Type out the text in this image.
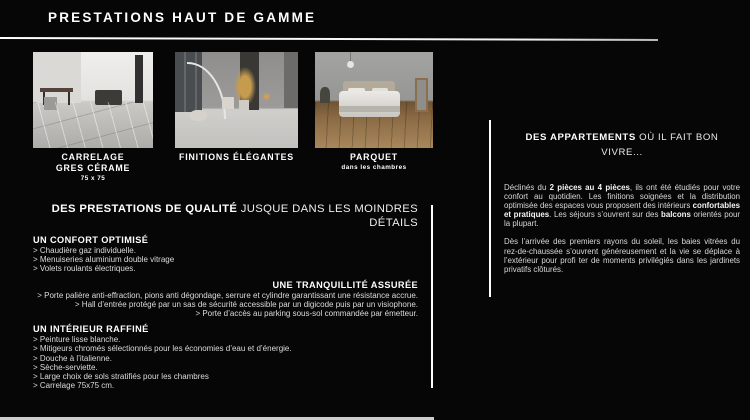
PRESTATIONS HAUT DE GAMME
CARRELAGE
GRES CÉRAME
75 x 75
FINITIONS ÉLÉGANTES	PARQUET
dans les chambres
DES PRESTATIONS DE QUALITÉ JUSQUE DANS LES MOINDRES DÉTAILS
UN CONFORT OPTIMISÉ

> Chaudière gaz individuelle.

> Menuiseries aluminium double vitrage

> Volets roulants électriques.

UNE TRANQUILLITÉ ASSURÉE

> Porte palière anti-effraction, pions anti dégondage, serrure et cylindre garantissant une résistance accrue.

> Hall d’entrée protégé par un sas de sécurité accessible par un digicode puis par un visiophone.

> Porte d’accès au parking sous-sol commandée par émetteur.

UN INTÉRIEUR RAFFINÉ

> Peinture lisse blanche.

> Mitigeurs chromés sélectionnés pour les économies d’eau et d’énergie.

> Douche à l’italienne.

> Sèche-serviette.

> Large choix de sols stratifiés pour les chambres

> Carrelage 75x75 cm.

DES APPARTEMENTS OÙ IL FAIT BON VIVRE...

Déclinés du 2 pièces au 4 pièces, ils ont été étudiés pour votre confort au quotidien. Les finitions soignées et la distribution optimisée des espaces vous proposent des intérieurs confortables et pratiques. Les séjours s’ouvrent sur des balcons orientés pour la plupart.

Dès l’arrivée des premiers rayons du soleil, les baies vitrées du rez-de-chaussée s’ouvrent généreusement et la vie se déplace à l’extérieur pour profi ter de moments privilégiés dans les jardinets privatifs clôturés.
